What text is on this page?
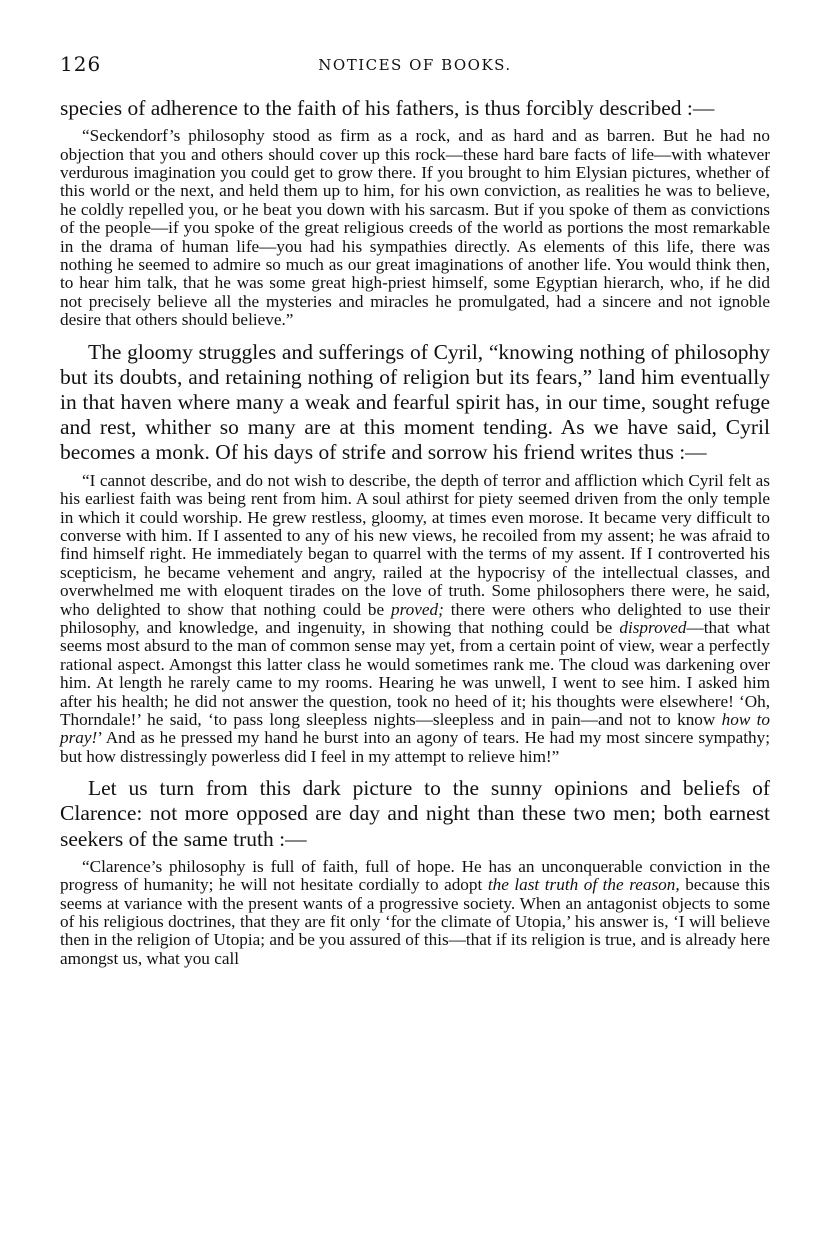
126	NOTICES OF BOOKS.

species of adherence to the faith of his fathers, is thus forcibly described :—

“Seckendorf’s philosophy stood as firm as a rock, and as hard and as barren. But he had no objection that you and others should cover up this rock—these hard bare facts of life—with whatever verdurous imagination you could get to grow there. If you brought to him Elysian pictures, whether of this world or the next, and held them up to him, for his own conviction, as realities he was to believe, he coldly repelled you, or he beat you down with his sarcasm. But if you spoke of them as convictions of the people—if you spoke of the great religious creeds of the world as portions the most remarkable in the drama of human life—you had his sympathies directly. As elements of this life, there was nothing he seemed to admire so much as our great imaginations of another life. You would think then, to hear him talk, that he was some great high-priest himself, some Egyptian hierarch, who, if he did not precisely believe all the mysteries and miracles he promulgated, had a sincere and not ignoble desire that others should believe.”

The gloomy struggles and sufferings of Cyril, “knowing nothing of philosophy but its doubts, and retaining nothing of religion but its fears,” land him eventually in that haven where many a weak and fearful spirit has, in our time, sought refuge and rest, whither so many are at this moment tending. As we have said, Cyril becomes a monk. Of his days of strife and sorrow his friend writes thus :—

“I cannot describe, and do not wish to describe, the depth of terror and affliction which Cyril felt as his earliest faith was being rent from him. A soul athirst for piety seemed driven from the only temple in which it could worship. He grew restless, gloomy, at times even morose. It became very difficult to converse with him. If I assented to any of his new views, he recoiled from my assent; he was afraid to find himself right. He immediately began to quarrel with the terms of my assent. If I controverted his scepticism, he became vehement and angry, railed at the hypocrisy of the intellectual classes, and overwhelmed me with eloquent tirades on the love of truth. Some philosophers there were, he said, who delighted to show that nothing could be proved; there were others who delighted to use their philosophy, and knowledge, and ingenuity, in showing that nothing could be disproved—that what seems most absurd to the man of common sense may yet, from a certain point of view, wear a perfectly rational aspect. Amongst this latter class he would sometimes rank me. The cloud was darkening over him. At length he rarely came to my rooms. Hearing he was unwell, I went to see him. I asked him after his health; he did not answer the question, took no heed of it; his thoughts were elsewhere! ‘Oh, Thorndale!’ he said, ‘to pass long sleepless nights—sleepless and in pain—and not to know how to pray!’ And as he pressed my hand he burst into an agony of tears. He had my most sincere sympathy; but how distressingly powerless did I feel in my attempt to relieve him!”

Let us turn from this dark picture to the sunny opinions and beliefs of Clarence: not more opposed are day and night than these two men; both earnest seekers of the same truth :—

“Clarence’s philosophy is full of faith, full of hope. He has an unconquerable conviction in the progress of humanity; he will not hesitate cordially to adopt the last truth of the reason, because this seems at variance with the present wants of a progressive society. When an antagonist objects to some of his religious doctrines, that they are fit only ‘for the climate of Utopia,’ his answer is, ‘I will believe then in the religion of Utopia; and be you assured of this—that if its religion is true, and is already here amongst us, what you call
